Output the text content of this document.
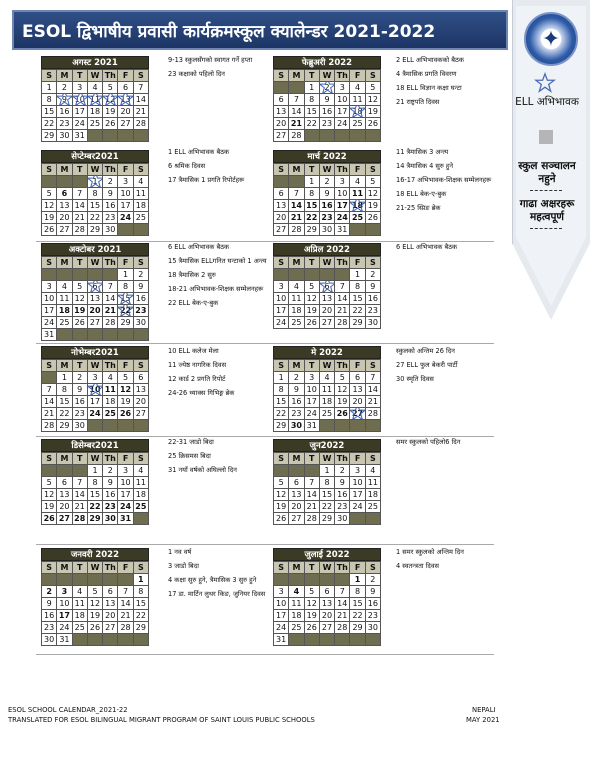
ESOL द्विभाषीय प्रवासी कार्यक्रमस्कूल क्यालेन्डर 2021-2022	✦
ELL अभिभावक
स्कुल सञ्चालन नहुने
गाढा अक्षरहरू महत्वपूर्ण
अगस्ट 2021
S	M	T	W	Th	F	S
1	2	3	4	5	6	7
8	9	10	11	12	13	14
15	16	17	18	19	20	21
22	23	24	25	26	27	28
29	30	31				
सेप्टेम्बर2021
S	M	T	W	Th	F	S
			1	2	3	4
5	6	7	8	9	10	11
12	13	14	15	16	17	18
19	20	21	22	23	24	25
26	27	28	29	30		
अक्टोबर 2021
S	M	T	W	Th	F	S
					1	2
3	4	5	6	7	8	9
10	11	12	13	14	15	16
17	18	19	20	21	22	23
24	25	26	27	28	29	30
31						
नोभेम्बर2021
S	M	T	W	Th	F	S
	1	2	3	4	5	6
7	8	9	10	11	12	13
14	15	16	17	18	19	20
21	22	23	24	25	26	27
28	29	30				
डिसेम्बर2021
S	M	T	W	Th	F	S
			1	2	3	4
5	6	7	8	9	10	11
12	13	14	15	16	17	18
19	20	21	22	23	24	25
26	27	28	29	30	31	
जनवरी 2022
S	M	T	W	Th	F	S
						1
2	3	4	5	6	7	8
9	10	11	12	13	14	15
16	17	18	19	20	21	22
23	24	25	26	27	28	29
30	31					
फेब्रुअरी 2022
S	M	T	W	Th	F	S
		1	2	3	4	5
6	7	8	9	10	11	12
13	14	15	16	17	18	19
20	21	22	23	24	25	26
27	28					
मार्च 2022
S	M	T	W	Th	F	S
		1	2	3	4	5
6	7	8	9	10	11	12
13	14	15	16	17	18	19
20	21	22	23	24	25	26
27	28	29	30	31		
अप्रिल 2022
S	M	T	W	Th	F	S
					1	2
3	4	5	6	7	8	9
10	11	12	13	14	15	16
17	18	19	20	21	22	23
24	25	26	27	28	29	30
मे 2022
S	M	T	W	Th	F	S
1	2	3	4	5	6	7
8	9	10	11	12	13	14
15	16	17	18	19	20	21
22	23	24	25	26	27	28
29	30	31				
जुन2022
S	M	T	W	Th	F	S
			1	2	3	4
5	6	7	8	9	10	11
12	13	14	15	16	17	18
19	20	21	22	23	24	25
26	27	28	29	30		
जुलाई 2022
S	M	T	W	Th	F	S
					1	2
3	4	5	6	7	8	9
10	11	12	13	14	15	16
17	18	19	20	21	22	23
24	25	26	27	28	29	30
31						
9-13 स्कुलसँगको स्वागत गर्ने हप्ता
23 कक्षाको पहिलो दिन
1 ELL अभिभावक बैठक
6 श्रमिक दिवस
17 त्रैमासिक 1 प्रगति रिपोर्टहरू
6 ELL अभिभावक बैठक
15 त्रैमासिक ELLगनित घन्टाको 1 अन्त्य
18 त्रैमासिक 2 सुरु
18-21 अभिभावक-शिक्षक सम्मेलनहरू
22 ELL बेक-ए-बुक
10 ELL कलेज मेला
11 ज्येष्ठ नागरिक दिवस
12 कार्ड 2 प्रगति रिपोर्ट
24-26 थ्याक्स गिभिङ्ग ब्रेक
22-31 जाडो बिदा
25 क्रिसमस बिदा
31 नयाँ वर्षको अघिल्लो दिन
1 नव वर्ष
3 जाडो बिदा
4 कक्षा सुरु हुने, त्रैमासिक 3 सुरु हुने
17 डा. मार्टिन लुथर किङ, जुनियर दिवस
2 ELL अभिभावकको बैठक
4 त्रैमासिक प्रगति विवरण
18 ELL विज्ञान कक्षा घन्टा
21 राष्ट्रपति दिवस
11 त्रैमासिक 3 अन्त्य
14 त्रैमासिक 4 सुरु हुने
16-17 अभिभावक-शिक्षक सम्मेलनहरू
18 ELL बेक-ए-बुक
21-25 स्प्रिङ ब्रेक
6 ELL अभिभावक बैठक
स्कुलको अन्तिम 26 दिन
27 ELL फुल बेकरी पार्टी
30 स्मृति दिवस
समर स्कुलको पहिलो6 दिन
1 समर स्कुलको अन्तिम दिन
4 स्वतन्त्रता दिवस
ESOL SCHOOL CALENDAR_2021-22
TRANSLATED FOR ESOL BILINGUAL MIGRANT PROGRAM OF SAINT LOUIS PUBLIC SCHOOLS
NEPALI
MAY 2021
